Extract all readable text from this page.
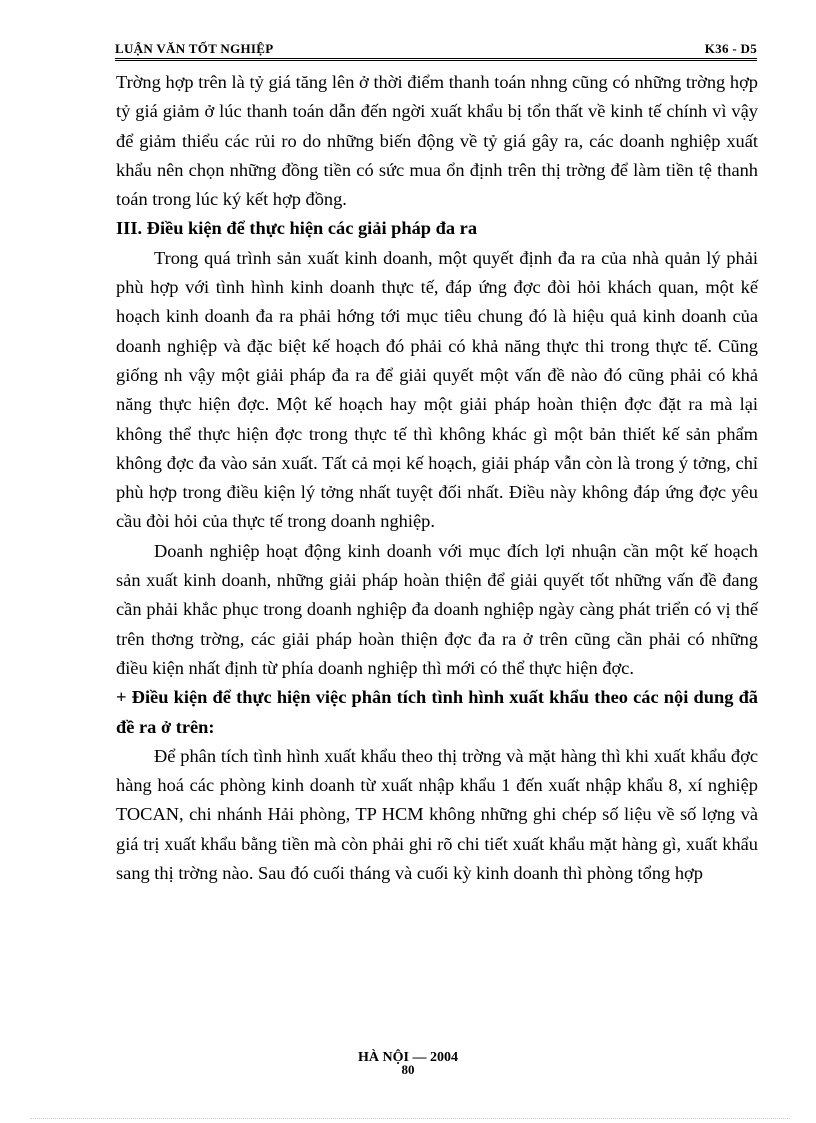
LUẬN VĂN TỐT NGHIỆP	K36 - D5

Trờng hợp trên là tỷ giá tăng lên ở thời điểm thanh toán nhng cũng có những trờng hợp tỷ giá giảm ở lúc thanh toán dẫn đến ngời xuất khẩu bị tổn thất về kinh tế chính vì vậy để giảm thiểu các rủi ro do những biến động về tỷ giá gây ra, các doanh nghiệp xuất khẩu nên chọn những đồng tiền có sức mua ổn định trên thị trờng để làm tiền tệ thanh toán trong lúc ký kết hợp đồng.

III. Điều kiện để thực hiện các giải pháp đa ra

Trong quá trình sản xuất kinh doanh, một quyết định đa ra của nhà quản lý phải phù hợp với tình hình kinh doanh thực tế, đáp ứng đợc đòi hỏi khách quan, một kế hoạch kinh doanh đa ra phải hớng tới mục tiêu chung đó là hiệu quả kinh doanh của doanh nghiệp và đặc biệt kế hoạch đó phải có khả năng thực thi trong thực tế. Cũng giống nh vậy một giải pháp đa ra để giải quyết một vấn đề nào đó cũng phải có khả năng thực hiện đợc. Một kế hoạch hay một giải pháp hoàn thiện đợc đặt ra mà lại không thể thực hiện đợc trong thực tế thì không khác gì một bản thiết kế sản phẩm không đợc đa vào sản xuất. Tất cả mọi kế hoạch, giải pháp vẫn còn là trong ý tởng, chỉ phù hợp trong điều kiện lý tởng nhất tuyệt đối nhất. Điều này không đáp ứng đợc yêu cầu đòi hỏi của thực tế trong doanh nghiệp.

Doanh nghiệp hoạt động kinh doanh với mục đích lợi nhuận cần một kế hoạch sản xuất kinh doanh, những giải pháp hoàn thiện để giải quyết tốt những vấn đề đang cần phải khắc phục trong doanh nghiệp đa doanh nghiệp ngày càng phát triển có vị thế trên thơng trờng, các giải pháp hoàn thiện đợc đa ra ở trên cũng cần phải có những điều kiện nhất định từ phía doanh nghiệp thì mới có thể thực hiện đợc.

+ Điều kiện để thực hiện việc phân tích tình hình xuất khẩu theo các nội dung đã đề ra ở trên:

Để phân tích tình hình xuất khẩu theo thị trờng và mặt hàng thì khi xuất khẩu đợc hàng hoá các phòng kinh doanh từ xuất nhập khẩu 1 đến xuất nhập khẩu 8, xí nghiệp TOCAN, chi nhánh Hải phòng, TP HCM không những ghi chép số liệu về số lợng và giá trị xuất khẩu bằng tiền mà còn phải ghi rõ chi tiết xuất khẩu mặt hàng gì, xuất khẩu sang thị trờng nào. Sau đó cuối tháng và cuối kỳ kinh doanh thì phòng tổng hợp

HÀ NỘI — 2004
80
